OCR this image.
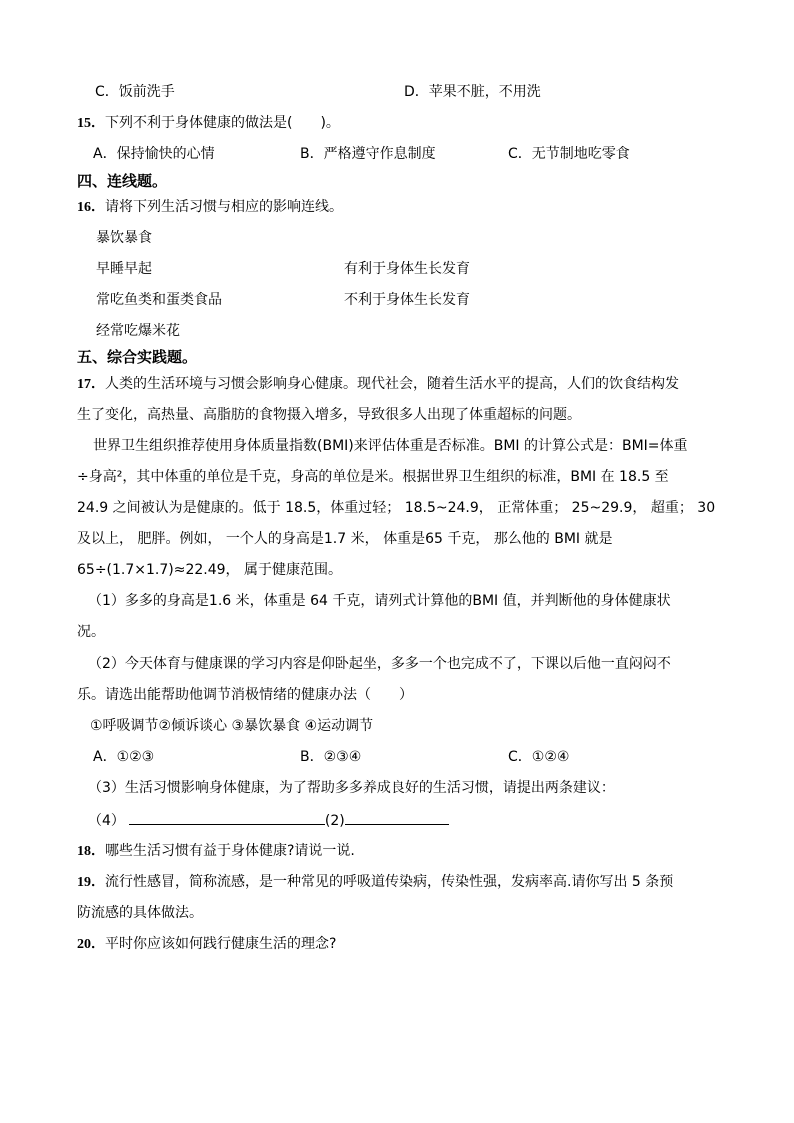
C．饭前洗手	D．苹果不脏，不用洗
15．下列不利于身体健康的做法是(　　)。
A．保持愉快的心情	B．严格遵守作息制度	C．无节制地吃零食
四、连线题。
16．请将下列生活习惯与相应的影响连线。
暴饮暴食
早睡早起
常吃鱼类和蛋类食品
经常吃爆米花
有利于身体生长发育
不利于身体生长发育
五、综合实践题。
17．人类的生活环境与习惯会影响身心健康。现代社会，随着生活水平的提高，人们的饮食结构发
生了变化，高热量、高脂肪的食物摄入增多，导致很多人出现了体重超标的问题。
世界卫生组织推荐使用身体质量指数(BMI)来评估体重是否标准。BMI 的计算公式是：BMI=体重
÷身高²，其中体重的单位是千克，身高的单位是米。根据世界卫生组织的标准，BMI 在 18.5 至
24.9 之间被认为是健康的。低于 18.5，体重过轻； 18.5~24.9， 正常体重； 25~29.9， 超重； 30
及以上， 肥胖。例如， 一个人的身高是1.7 米， 体重是65 千克， 那么他的 BMI 就是
65÷(1.7×1.7)≈22.49， 属于健康范围。
（1）多多的身高是1.6 米，体重是 64 千克，请列式计算他的BMI 值，并判断他的身体健康状
况。
（2）今天体育与健康课的学习内容是仰卧起坐，多多一个也完成不了，下课以后他一直闷闷不
乐。请选出能帮助他调节消极情绪的健康办法（　　）
①呼吸调节②倾诉谈心 ③暴饮暴食 ④运动调节
A．①②③	B．②③④	C．①②④
（3）生活习惯影响身体健康，为了帮助多多养成良好的生活习惯，请提出两条建议：
（4）	(2)
18．哪些生活习惯有益于身体健康?请说一说.
19．流行性感冒，简称流感，是一种常见的呼吸道传染病，传染性强，发病率高.请你写出 5 条预
防流感的具体做法。
20．平时你应该如何践行健康生活的理念?
